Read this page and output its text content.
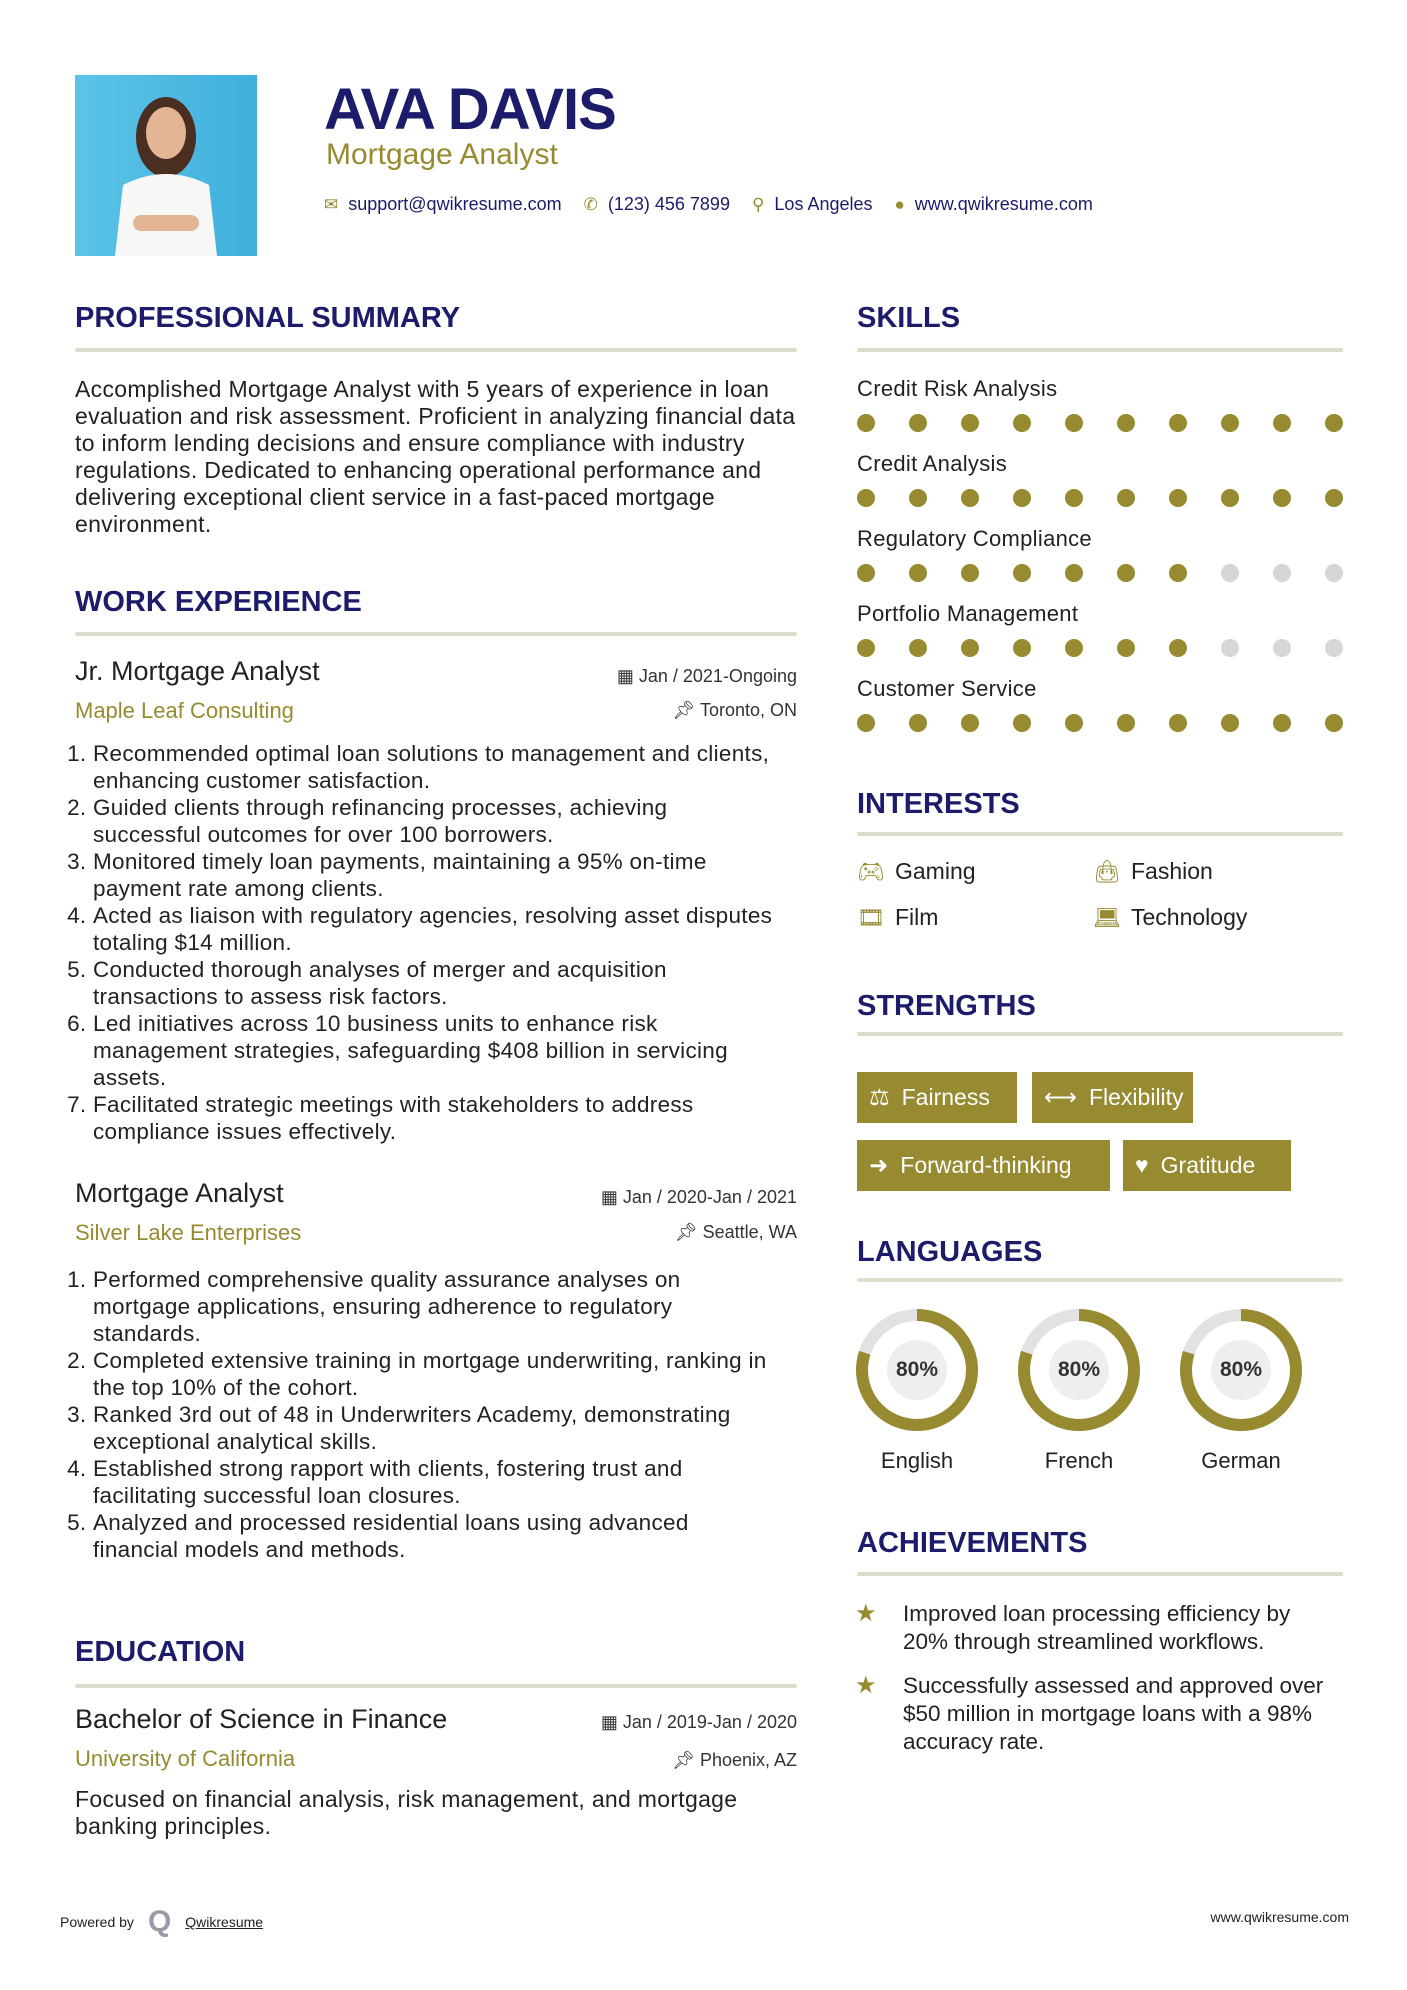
AVA DAVIS
Mortgage Analyst
✉ support@qwikresume.com ✆ (123) 456 7899 ⚲ Los Angeles ● www.qwikresume.com
PROFESSIONAL SUMMARY
Accomplished Mortgage Analyst with 5 years of experience in loan evaluation and risk assessment. Proficient in analyzing financial data to inform lending decisions and ensure compliance with industry regulations. Dedicated to enhancing operational performance and delivering exceptional client service in a fast-paced mortgage environment.
WORK EXPERIENCE
Jr. Mortgage Analyst	▦ Jan / 2021-Ongoing
Maple Leaf Consulting	📌︎ Toronto, ON
1. Recommended optimal loan solutions to management and clients, enhancing customer satisfaction.
2. Guided clients through refinancing processes, achieving successful outcomes for over 100 borrowers.
3. Monitored timely loan payments, maintaining a 95% on-time payment rate among clients.
4. Acted as liaison with regulatory agencies, resolving asset disputes totaling $14 million.
5. Conducted thorough analyses of merger and acquisition transactions to assess risk factors.
6. Led initiatives across 10 business units to enhance risk management strategies, safeguarding $408 billion in servicing assets.
7. Facilitated strategic meetings with stakeholders to address compliance issues effectively.
Mortgage Analyst	▦ Jan / 2020-Jan / 2021
Silver Lake Enterprises	📌︎ Seattle, WA
1. Performed comprehensive quality assurance analyses on mortgage applications, ensuring adherence to regulatory standards.
2. Completed extensive training in mortgage underwriting, ranking in the top 10% of the cohort.
3. Ranked 3rd out of 48 in Underwriters Academy, demonstrating exceptional analytical skills.
4. Established strong rapport with clients, fostering trust and facilitating successful loan closures.
5. Analyzed and processed residential loans using advanced financial models and methods.
EDUCATION
Bachelor of Science in Finance	▦ Jan / 2019-Jan / 2020
University of California	📌︎ Phoenix, AZ
Focused on financial analysis, risk management, and mortgage banking principles.
SKILLS
Credit Risk Analysis
Credit Analysis
Regulatory Compliance
Portfolio Management
Customer Service
INTERESTS
🎮︎ Gaming	👜︎ Fashion
🎞︎ Film	💻︎ Technology
STRENGTHS
⚖ Fairness ⟷ Flexibility
➜ Forward-thinking	♥ Gratitude
LANGUAGES
80%
English
80%
French
80%
German
ACHIEVEMENTS
★	Improved loan processing efficiency by 20% through streamlined workflows.
★	Successfully assessed and approved over $50 million in mortgage loans with a 98% accuracy rate.
Powered by Q Qwikresume	www.qwikresume.com
